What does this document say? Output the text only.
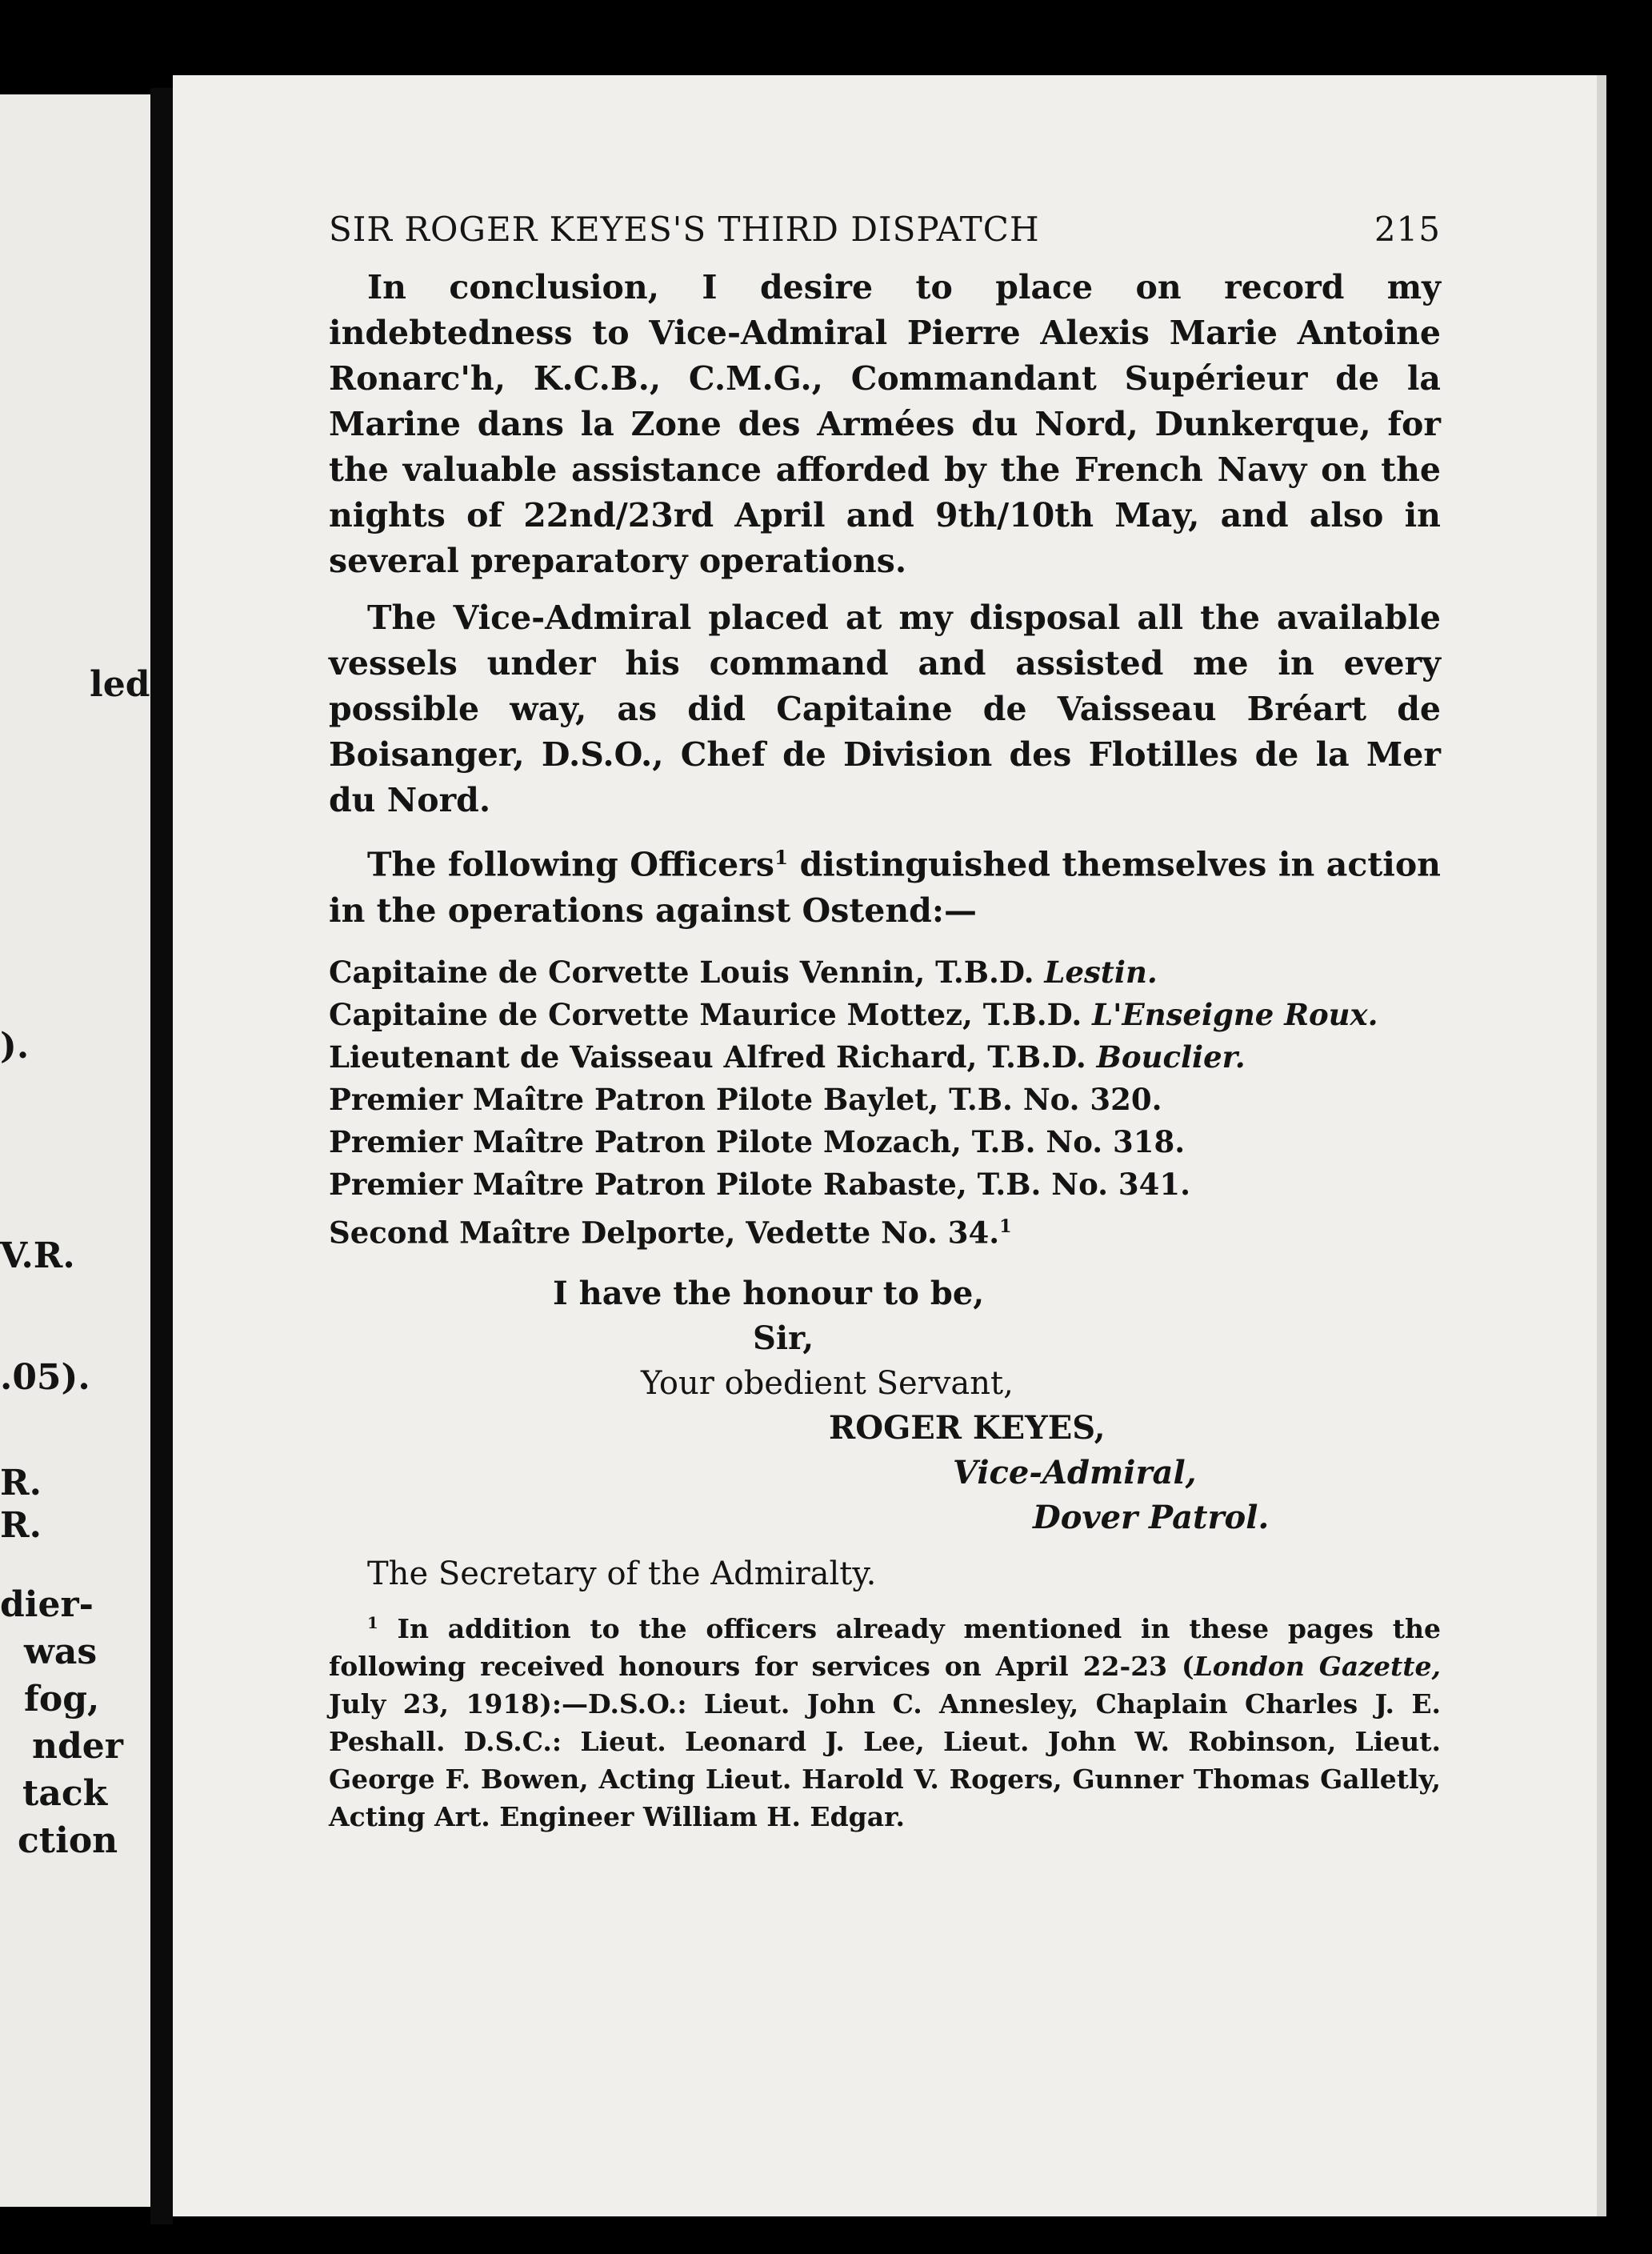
led
).
V.R.
.05).
R.
R.
dier-
was
fog,
nder
tack
ction
SIR ROGER KEYES'S THIRD DISPATCH	215

In conclusion, I desire to place on record my indebtedness to Vice-Admiral Pierre Alexis Marie Antoine Ronarc'h, K.C.B., C.M.G., Commandant Supérieur de la Marine dans la Zone des Armées du Nord, Dunkerque, for the valuable assistance afforded by the French Navy on the nights of 22nd/23rd April and 9th/10th May, and also in several preparatory operations.

The Vice-Admiral placed at my disposal all the available vessels under his command and assisted me in every possible way, as did Capitaine de Vaisseau Bréart de Boisanger, D.S.O., Chef de Division des Flotilles de la Mer du Nord.

The following Officers$^1$ distinguished themselves in action in the operations against Ostend:—

Capitaine de Corvette Louis Vennin, T.B.D. Lestin.
Capitaine de Corvette Maurice Mottez, T.B.D. L'Enseigne Roux.
Lieutenant de Vaisseau Alfred Richard, T.B.D. Bouclier.
Premier Maître Patron Pilote Baylet, T.B. No. 320.
Premier Maître Patron Pilote Mozach, T.B. No. 318.
Premier Maître Patron Pilote Rabaste, T.B. No. 341.
Second Maître Delporte, Vedette No. 34.$^1$
I have the honour to be,
Sir,
Your obedient Servant,
ROGER KEYES,
Vice-Admiral,
Dover Patrol.
The Secretary of the Admiralty.

$^1$ In addition to the officers already mentioned in these pages the following received honours for services on April 22-23 (London Gazette, July 23, 1918):—D.S.O.: Lieut. John C. Annesley, Chaplain Charles J. E. Peshall. D.S.C.: Lieut. Leonard J. Lee, Lieut. John W. Robinson, Lieut. George F. Bowen, Acting Lieut. Harold V. Rogers, Gunner Thomas Galletly, Acting Art. Engineer William H. Edgar.
